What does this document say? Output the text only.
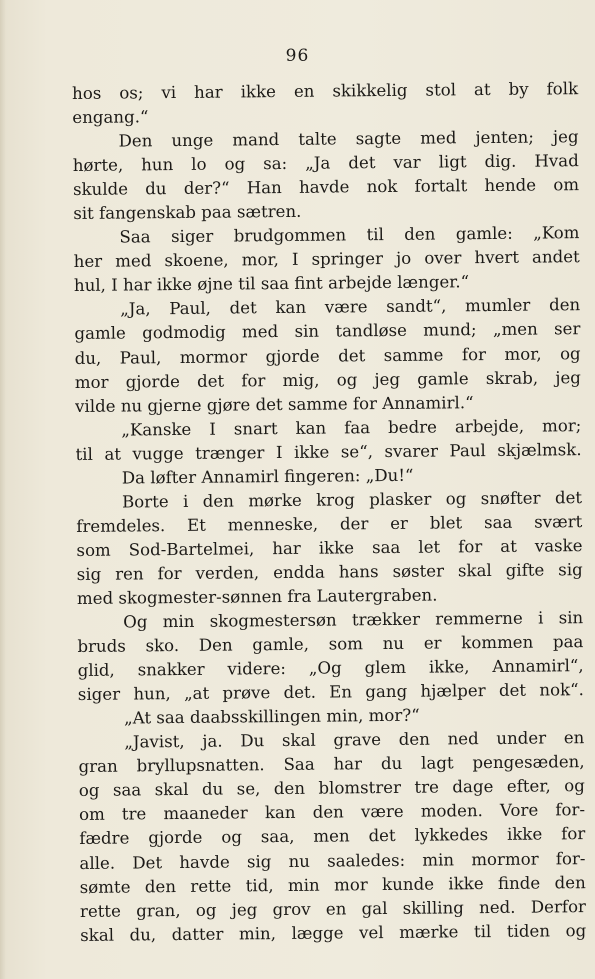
96
hos os; vi har ikke en skikkelig stol at by folk
engang.“
Den unge mand talte sagte med jenten; jeg
hørte, hun lo og sa: „Ja det var ligt dig. Hvad
skulde du der?“ Han havde nok fortalt hende om
sit fangenskab paa sætren.
Saa siger brudgommen til den gamle: „Kom
her med skoene, mor, I springer jo over hvert andet
hul, I har ikke øjne til saa fint arbejde længer.“
„Ja, Paul, det kan være sandt“, mumler den
gamle godmodig med sin tandløse mund; „men ser
du, Paul, mormor gjorde det samme for mor, og
mor gjorde det for mig, og jeg gamle skrab, jeg
vilde nu gjerne gjøre det samme for Annamirl.“
„Kanske I snart kan faa bedre arbejde, mor;
til at vugge trænger I ikke se“, svarer Paul skjælmsk.
Da løfter Annamirl fingeren: „Du!“
Borte i den mørke krog plasker og snøfter det
fremdeles. Et menneske, der er blet saa svært
som Sod-Bartelmei, har ikke saa let for at vaske
sig ren for verden, endda hans søster skal gifte sig
med skogmester-sønnen fra Lautergraben.
Og min skogmestersøn trækker remmerne i sin
bruds sko. Den gamle, som nu er kommen paa
glid, snakker videre: „Og glem ikke, Annamirl“,
siger hun, „at prøve det. En gang hjælper det nok“.
„At saa daabsskillingen min, mor?“
„Javist, ja. Du skal grave den ned under en
gran bryllupsnatten. Saa har du lagt pengesæden,
og saa skal du se, den blomstrer tre dage efter, og
om tre maaneder kan den være moden. Vore for-
fædre gjorde og saa, men det lykkedes ikke for
alle. Det havde sig nu saaledes: min mormor for-
sømte den rette tid, min mor kunde ikke finde den
rette gran, og jeg grov en gal skilling ned. Derfor
skal du, datter min, lægge vel mærke til tiden og
